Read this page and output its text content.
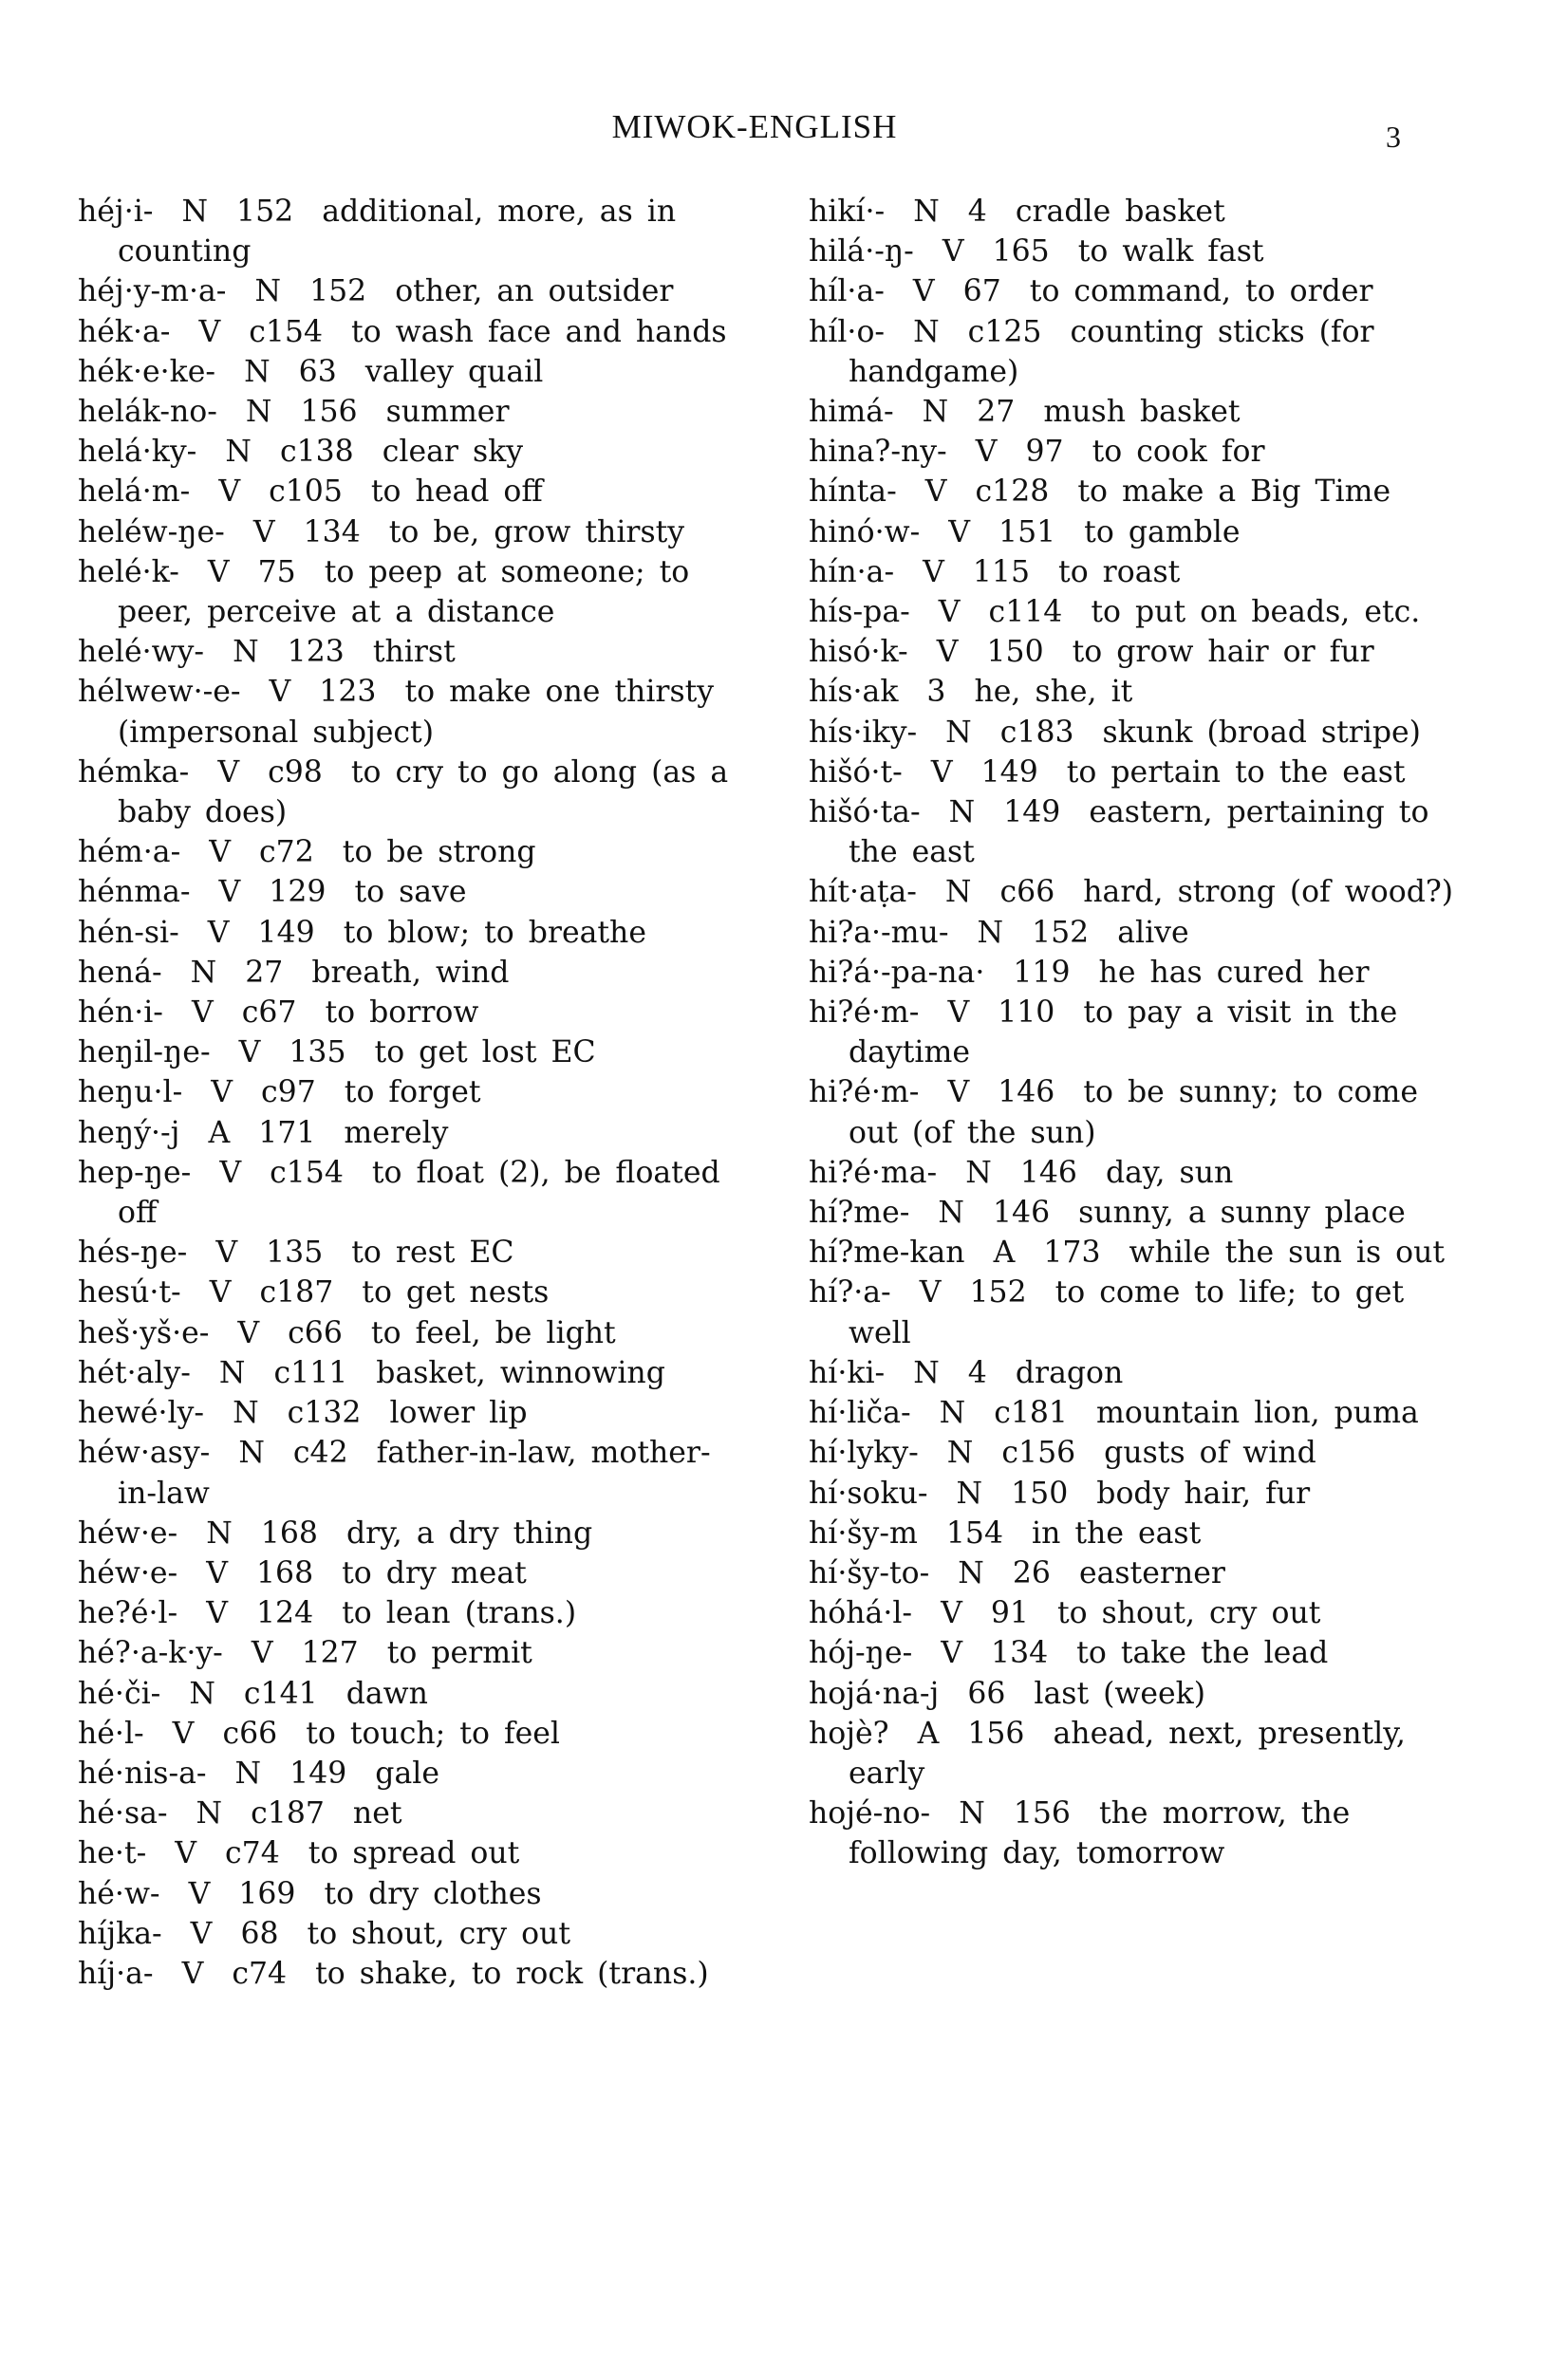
MIWOK-ENGLISH	3
héj·i-  N  152  additional, more, as in counting
héj·y-m·a-  N  152  other, an outsider
hék·a-  V  c154  to wash face and hands
hék·e·ke-  N  63  valley quail
helák-no-  N  156  summer
helá·ky-  N  c138  clear sky
helá·m-  V  c105  to head off
heléw-ŋe-  V  134  to be, grow thirsty
helé·k-  V  75  to peep at someone; to peer, perceive at a distance
helé·wy-  N  123  thirst
hélwew·-e-  V  123  to make one thirsty (impersonal subject)
hémka-  V  c98  to cry to go along (as a baby does)
hém·a-  V  c72  to be strong
hénma-  V  129  to save
hén-si-  V  149  to blow; to breathe
hená-  N  27  breath, wind
hén·i-  V  c67  to borrow
heŋil-ŋe-  V  135  to get lost EC
heŋu·l-  V  c97  to forget
heŋý·-j  A  171  merely
hep-ŋe-  V  c154  to float (2), be floated off
hés-ŋe-  V  135  to rest EC
hesú·t-  V  c187  to get nests
heš·yš·e-  V  c66  to feel, be light
hét·aly-  N  c111  basket, winnowing
hewé·ly-  N  c132  lower lip
héw·asy-  N  c42  father-in-law, mother-in-law
héw·e-  N  168  dry, a dry thing
héw·e-  V  168  to dry meat
he?é·l-  V  124  to lean (trans.)
hé?·a-k·y-  V  127  to permit
hé·či-  N  c141  dawn
hé·l-  V  c66  to touch; to feel
hé·nis-a-  N  149  gale
hé·sa-  N  c187  net
he·t-  V  c74  to spread out
hé·w-  V  169  to dry clothes
híjka-  V  68  to shout, cry out
híj·a-  V  c74  to shake, to rock (trans.)
hikí·-  N  4  cradle basket
hilá·-ŋ-  V  165  to walk fast
híl·a-  V  67  to command, to order
híl·o-  N  c125  counting sticks (for handgame)
himá-  N  27  mush basket
hina?-ny-  V  97  to cook for
hínta-  V  c128  to make a Big Time
hinó·w-  V  151  to gamble
hín·a-  V  115  to roast
hís-pa-  V  c114  to put on beads, etc.
hisó·k-  V  150  to grow hair or fur
hís·ak  3  he, she, it
hís·iky-  N  c183  skunk (broad stripe)
hišó·t-  V  149  to pertain to the east
hišó·ta-  N  149  eastern, pertaining to the east
hít·aṭa-  N  c66  hard, strong (of wood?)
hi?a·-mu-  N  152  alive
hi?á·-pa-na·  119  he has cured her
hi?é·m-  V  110  to pay a visit in the daytime
hi?é·m-  V  146  to be sunny; to come out (of the sun)
hi?é·ma-  N  146  day, sun
hí?me-  N  146  sunny, a sunny place
hí?me-kan  A  173  while the sun is out
hí?·a-  V  152  to come to life; to get well
hí·ki-  N  4  dragon
hí·liča-  N  c181  mountain lion, puma
hí·lyky-  N  c156  gusts of wind
hí·soku-  N  150  body hair, fur
hí·šy-m  154  in the east
hí·šy-to-  N  26  easterner
hóhá·l-  V  91  to shout, cry out
hój-ŋe-  V  134  to take the lead
hojá·na-j  66  last (week)
hojè?  A  156  ahead, next, presently, early
hojé-no-  N  156  the morrow, the following day, tomorrow
